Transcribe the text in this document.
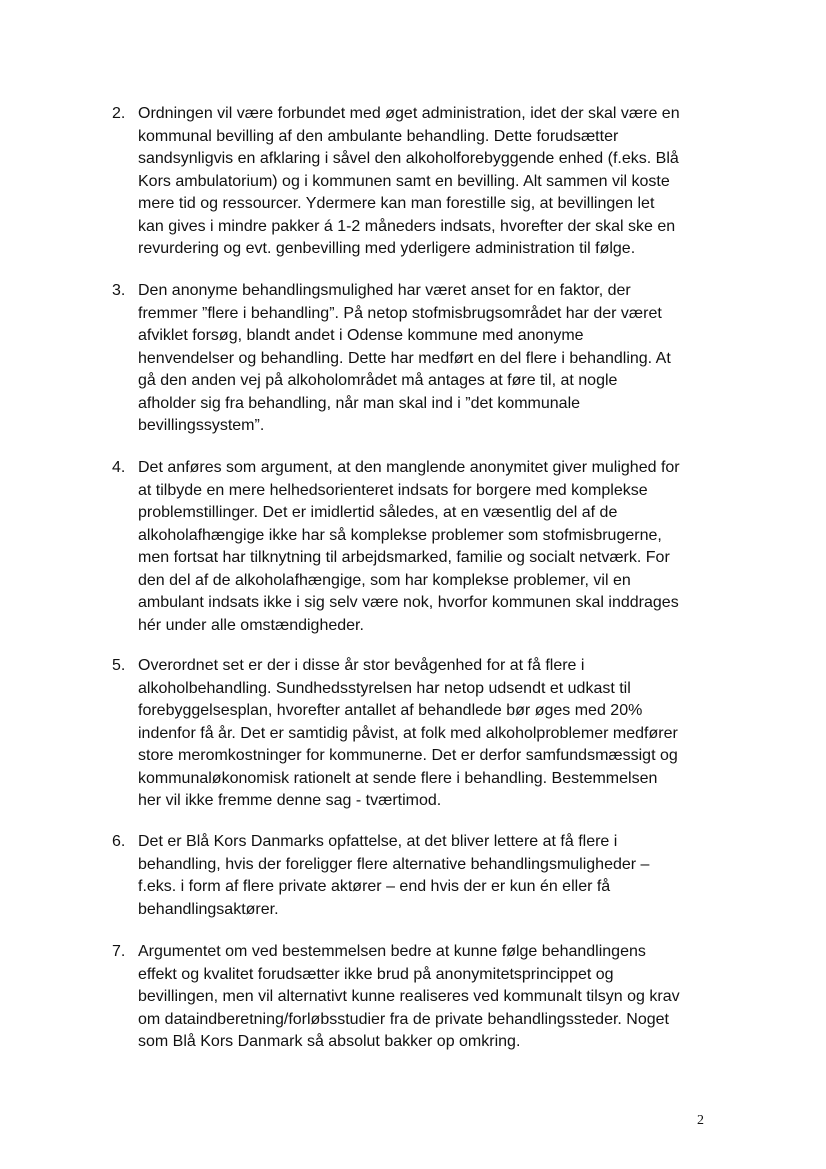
2. Ordningen vil være forbundet med øget administration, idet der skal være en
kommunal bevilling af den ambulante behandling. Dette forudsætter
sandsynligvis en afklaring i såvel den alkoholforebyggende enhed (f.eks. Blå
Kors ambulatorium) og i kommunen samt en bevilling. Alt sammen vil koste
mere tid og ressourcer. Ydermere kan man forestille sig, at bevillingen let
kan gives i mindre pakker á 1-2 måneders indsats, hvorefter der skal ske en
revurdering og evt. genbevilling med yderligere administration til følge.
3. Den anonyme behandlingsmulighed har været anset for en faktor, der
fremmer ”flere i behandling”. På netop stofmisbrugsområdet har der været
afviklet forsøg, blandt andet i Odense kommune med anonyme
henvendelser og behandling. Dette har medført en del flere i behandling. At
gå den anden vej på alkoholområdet må antages at føre til, at nogle
afholder sig fra behandling, når man skal ind i ”det kommunale
bevillingssystem”.
4. Det anføres som argument, at den manglende anonymitet giver mulighed for
at tilbyde en mere helhedsorienteret indsats for borgere med komplekse
problemstillinger. Det er imidlertid således, at en væsentlig del af de
alkoholafhængige ikke har så komplekse problemer som stofmisbrugerne,
men fortsat har tilknytning til arbejdsmarked, familie og socialt netværk. For
den del af de alkoholafhængige, som har komplekse problemer, vil en
ambulant indsats ikke i sig selv være nok, hvorfor kommunen skal inddrages
hér under alle omstændigheder.
5. Overordnet set er der i disse år stor bevågenhed for at få flere i
alkoholbehandling. Sundhedsstyrelsen har netop udsendt et udkast til
forebyggelsesplan, hvorefter antallet af behandlede bør øges med 20%
indenfor få år. Det er samtidig påvist, at folk med alkoholproblemer medfører
store meromkostninger for kommunerne. Det er derfor samfundsmæssigt og
kommunaløkonomisk rationelt at sende flere i behandling. Bestemmelsen
her vil ikke fremme denne sag - tværtimod.
6. Det er Blå Kors Danmarks opfattelse, at det bliver lettere at få flere i
behandling, hvis der foreligger flere alternative behandlingsmuligheder –
f.eks. i form af flere private aktører – end hvis der er kun én eller få
behandlingsaktører.
7. Argumentet om ved bestemmelsen bedre at kunne følge behandlingens
effekt og kvalitet forudsætter ikke brud på anonymitetsprincippet og
bevillingen, men vil alternativt kunne realiseres ved kommunalt tilsyn og krav
om dataindberetning/forløbsstudier fra de private behandlingssteder. Noget
som Blå Kors Danmark så absolut bakker op omkring.
2
